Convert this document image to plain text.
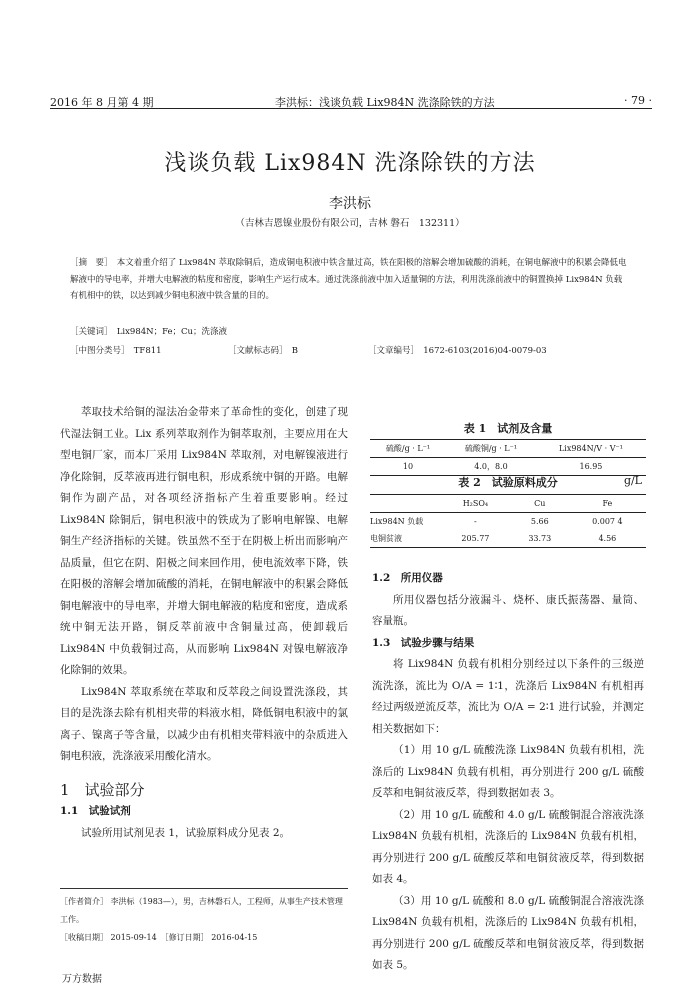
2016 年 8 月第 4 期	李洪标：浅谈负载 Lix984N 洗涤除铁的方法	· 79 ·
浅谈负载 Lix984N 洗涤除铁的方法
李洪标
（吉林吉恩镍业股份有限公司，吉林 磐石　132311）

［摘　要］　本文着重介绍了 Lix984N 萃取除铜后，造成铜电积液中铁含量过高，铁在阳极的溶解会增加硫酸的消耗，在铜电解液中的积累会降低电解液中的导电率，并增大电解液的粘度和密度，影响生产运行成本。通过洗涤前液中加入适量铜的方法，利用洗涤前液中的铜置换掉 Lix984N 负载有机相中的铁，以达到减少铜电积液中铁含量的目的。

［关键词］　Lix984N；Fe；Cu；洗涤液
［中图分类号］　TF811	［文献标志码］　B	［文章编号］　1672-6103(2016)04-0079-03

萃取技术给铜的湿法冶金带来了革命性的变化，创建了现代湿法铜工业。Lix 系列萃取剂作为铜萃取剂，主要应用在大型电铜厂家，而本厂采用 Lix984N 萃取剂，对电解镍液进行净化除铜，反萃液再进行铜电积，形成系统中铜的开路。电解铜作为副产品，对各项经济指标产生着重要影响。经过 Lix984N 除铜后，铜电积液中的铁成为了影响电解镍、电解铜生产经济指标的关键。铁虽然不至于在阴极上析出而影响产品质量，但它在阴、阳极之间来回作用，使电流效率下降，铁在阳极的溶解会增加硫酸的消耗，在铜电解液中的积累会降低铜电解液中的导电率，并增大铜电解液的粘度和密度，造成系统中铜无法开路，铜反萃前液中含铜量过高，使卸载后 Lix984N 中负载铜过高，从而影响 Lix984N 对镍电解液净化除铜的效果。

Lix984N 萃取系统在萃取和反萃段之间设置洗涤段，其目的是洗涤去除有机相夹带的料液水相，降低铜电积液中的氯离子、镍离子等含量，以减少由有机相夹带料液中的杂质进入铜电积液，洗涤液采用酸化清水。

1　试验部分

1.1　试验试剂

试验所用试剂见表 1，试验原料成分见表 2。

［作者简介］ 李洪标（1983—），男，吉林磐石人，工程师，从事生产技术管理工作。
［收稿日期］ 2015-09-14　［修订日期］ 2016-04-15
表 1　试剂及含量
硫酸/g · L⁻¹	硫酸铜/g · L⁻¹	Lix984N/V · V⁻¹
10	4.0，8.0	16.95
表 2　试验原料成分	g/L
	H₂SO₄	Cu	Fe
Lix984N 负载	-	5.66	0.007 4
电铜贫液	205.77	33.73	4.56

1.2　所用仪器

所用仪器包括分液漏斗、烧杯、康氏振荡器、量筒、容量瓶。

1.3　试验步骤与结果

将 Lix984N 负载有机相分别经过以下条件的三级逆流洗涤，流比为 O/A = 1∶1，洗涤后 Lix984N 有机相再经过两级逆流反萃，流比为 O/A = 2∶1 进行试验，并测定相关数据如下：

（1）用 10 g/L 硫酸洗涤 Lix984N 负载有机相，洗涤后的 Lix984N 负载有机相，再分别进行 200 g/L 硫酸反萃和电铜贫液反萃，得到数据如表 3。

（2）用 10 g/L 硫酸和 4.0 g/L 硫酸铜混合溶液洗涤 Lix984N 负载有机相，洗涤后的 Lix984N 负载有机相，再分别进行 200 g/L 硫酸反萃和电铜贫液反萃，得到数据如表 4。

（3）用 10 g/L 硫酸和 8.0 g/L 硫酸铜混合溶液洗涤 Lix984N 负载有机相，洗涤后的 Lix984N 负载有机相，再分别进行 200 g/L 硫酸反萃和电铜贫液反萃，得到数据如表 5。

万方数据
